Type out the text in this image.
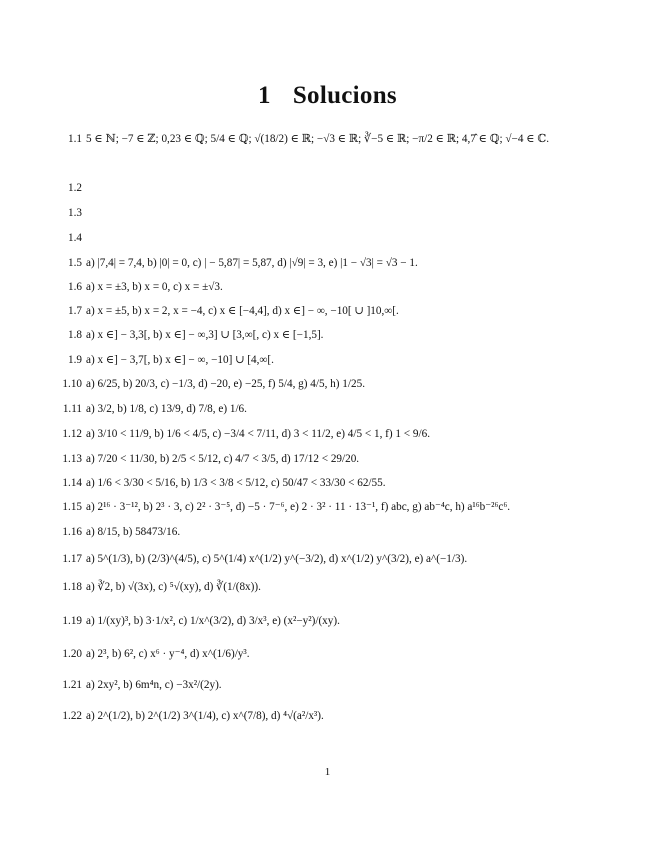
1 Solucions
1.1 5 ∈ ℕ; −7 ∈ ℤ; 0,23 ∈ ℚ; 5/4 ∈ ℚ; √(18/2) ∈ ℝ; −√3 ∈ ℝ; ∛−5 ∈ ℝ; −π/2 ∈ ℝ; 4,7̂ ∈ ℚ; √−4 ∈ ℂ.
1.2
1.3
1.4
1.5 a) |7,4| = 7,4, b) |0| = 0, c) | − 5,87| = 5,87, d) |√9| = 3, e) |1 − √3| = √3 − 1.
1.6 a) x = ±3, b) x = 0, c) x = ±√3.
1.7 a) x = ±5, b) x = 2, x = −4, c) x ∈ [−4,4], d) x ∈] − ∞, −10[ ∪ ]10,∞[.
1.8 a) x ∈] − 3,3[, b) x ∈] − ∞,3] ∪ [3,∞[, c) x ∈ [−1,5].
1.9 a) x ∈] − 3,7[, b) x ∈] − ∞, −10] ∪ [4,∞[.
1.10 a) 6/25, b) 20/3, c) −1/3, d) −20, e) −25, f) 5/4, g) 4/5, h) 1/25.
1.11 a) 3/2, b) 1/8, c) 13/9, d) 7/8, e) 1/6.
1.12 a) 3/10 < 11/9, b) 1/6 < 4/5, c) −3/4 < 7/11, d) 3 < 11/2, e) 4/5 < 1, f) 1 < 9/6.
1.13 a) 7/20 < 11/30, b) 2/5 < 5/12, c) 4/7 < 3/5, d) 17/12 < 29/20.
1.14 a) 1/6 < 3/30 < 5/16, b) 1/3 < 3/8 < 5/12, c) 50/47 < 33/30 < 62/55.
1.15 a) 2¹⁶ · 3⁻¹², b) 2³ · 3, c) 2² · 3⁻⁵, d) −5 · 7⁻⁶, e) 2 · 3² · 11 · 13⁻¹, f) abc, g) ab⁻⁴c, h) a¹⁶b⁻²⁶c⁶.
1.16 a) 8/15, b) 58473/16.
1.17 a) 5^(1/3), b) (2/3)^(4/5), c) 5^(1/4) x^(1/2) y^(−3/2), d) x^(1/2) y^(3/2), e) a^(−1/3).
1.18 a) ∛2, b) √(3x), c) ⁵√(xy), d) ∛(1/(8x)).
1.19 a) 1/(xy)³, b) 3·1/x², c) 1/x^(3/2), d) 3/x³, e) (x²−y²)/(xy).
1.20 a) 2³, b) 6², c) x⁶ · y⁻⁴, d) x^(1/6)/y³.
1.21 a) 2xy², b) 6m⁴n, c) −3x²/(2y).
1.22 a) 2^(1/2), b) 2^(1/2) 3^(1/4), c) x^(7/8), d) ⁴√(a²/x³).
1
